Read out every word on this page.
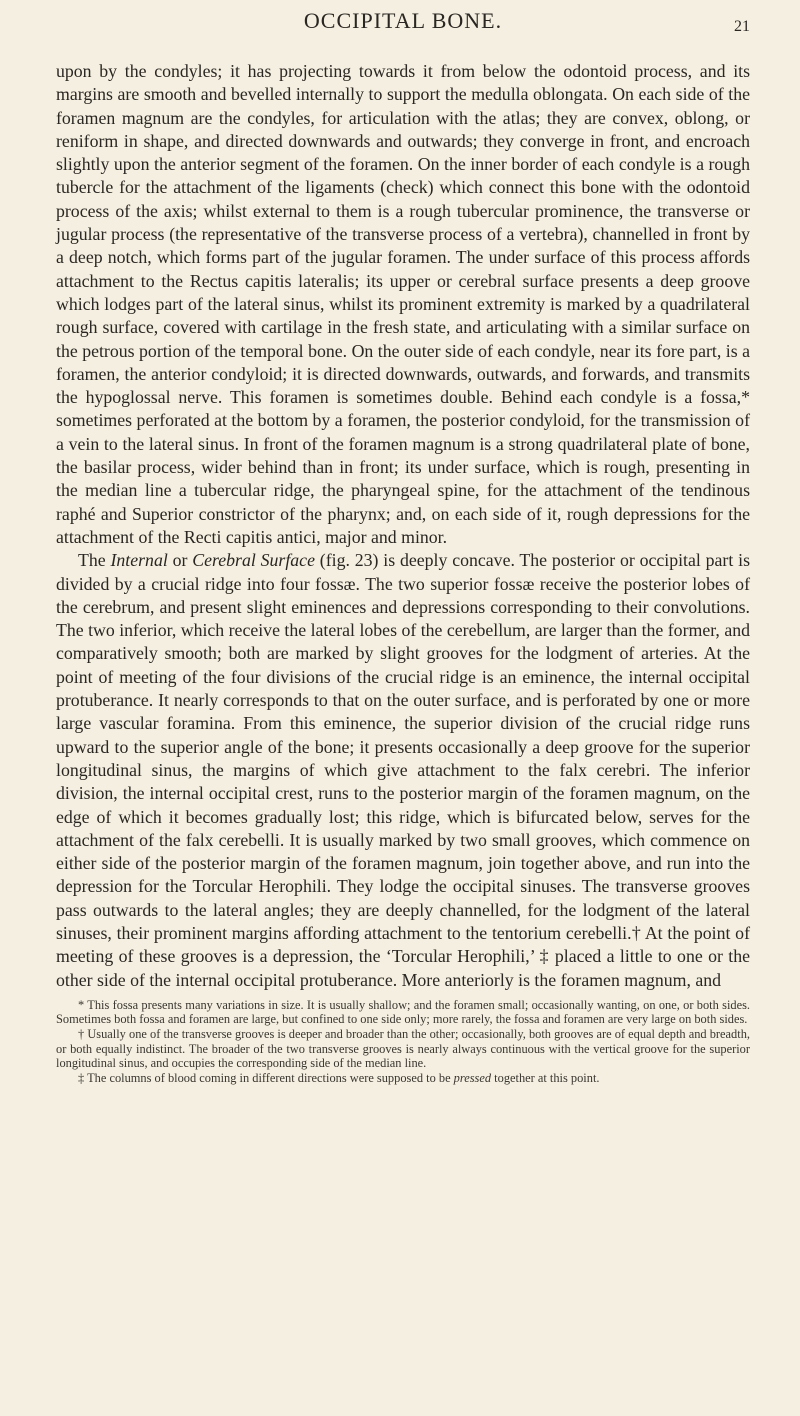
OCCIPITAL BONE.	21

upon by the condyles; it has projecting towards it from below the odontoid process, and its margins are smooth and bevelled internally to support the medulla oblongata. On each side of the foramen magnum are the condyles, for articulation with the atlas; they are convex, oblong, or reniform in shape, and directed downwards and outwards; they converge in front, and encroach slightly upon the anterior segment of the foramen. On the inner border of each condyle is a rough tubercle for the attachment of the ligaments (check) which connect this bone with the odontoid process of the axis; whilst external to them is a rough tubercular prominence, the transverse or jugular process (the representative of the transverse process of a vertebra), channelled in front by a deep notch, which forms part of the jugular foramen. The under surface of this process affords attachment to the Rectus capitis lateralis; its upper or cerebral surface presents a deep groove which lodges part of the lateral sinus, whilst its prominent extremity is marked by a quadrilateral rough surface, covered with cartilage in the fresh state, and articulating with a similar surface on the petrous portion of the temporal bone. On the outer side of each condyle, near its fore part, is a foramen, the anterior condyloid; it is directed downwards, outwards, and forwards, and transmits the hypoglossal nerve. This foramen is sometimes double. Behind each condyle is a fossa,* sometimes perforated at the bottom by a foramen, the posterior condyloid, for the transmission of a vein to the lateral sinus. In front of the foramen magnum is a strong quadrilateral plate of bone, the basilar process, wider behind than in front; its under surface, which is rough, presenting in the median line a tubercular ridge, the pharyngeal spine, for the attachment of the tendinous raphé and Superior constrictor of the pharynx; and, on each side of it, rough depressions for the attachment of the Recti capitis antici, major and minor.

The Internal or Cerebral Surface (fig. 23) is deeply concave. The posterior or occipital part is divided by a crucial ridge into four fossæ. The two superior fossæ receive the posterior lobes of the cerebrum, and present slight eminences and depressions corresponding to their convolutions. The two inferior, which receive the lateral lobes of the cerebellum, are larger than the former, and comparatively smooth; both are marked by slight grooves for the lodgment of arteries. At the point of meeting of the four divisions of the crucial ridge is an eminence, the internal occipital protuberance. It nearly corresponds to that on the outer surface, and is perforated by one or more large vascular foramina. From this eminence, the superior division of the crucial ridge runs upward to the superior angle of the bone; it presents occasionally a deep groove for the superior longitudinal sinus, the margins of which give attachment to the falx cerebri. The inferior division, the internal occipital crest, runs to the posterior margin of the foramen magnum, on the edge of which it becomes gradually lost; this ridge, which is bifurcated below, serves for the attachment of the falx cerebelli. It is usually marked by two small grooves, which commence on either side of the posterior margin of the foramen magnum, join together above, and run into the depression for the Torcular Herophili. They lodge the occipital sinuses. The transverse grooves pass outwards to the lateral angles; they are deeply channelled, for the lodgment of the lateral sinuses, their prominent margins affording attachment to the tentorium cerebelli.† At the point of meeting of these grooves is a depression, the ‘Torcular Herophili,’ ‡ placed a little to one or the other side of the internal occipital protuberance. More anteriorly is the foramen magnum, and

* This fossa presents many variations in size. It is usually shallow; and the foramen small; occasionally wanting, on one, or both sides. Sometimes both fossa and foramen are large, but confined to one side only; more rarely, the fossa and foramen are very large on both sides.

† Usually one of the transverse grooves is deeper and broader than the other; occasionally, both grooves are of equal depth and breadth, or both equally indistinct. The broader of the two transverse grooves is nearly always continuous with the vertical groove for the superior longitudinal sinus, and occupies the corresponding side of the median line.

‡ The columns of blood coming in different directions were supposed to be pressed together at this point.
